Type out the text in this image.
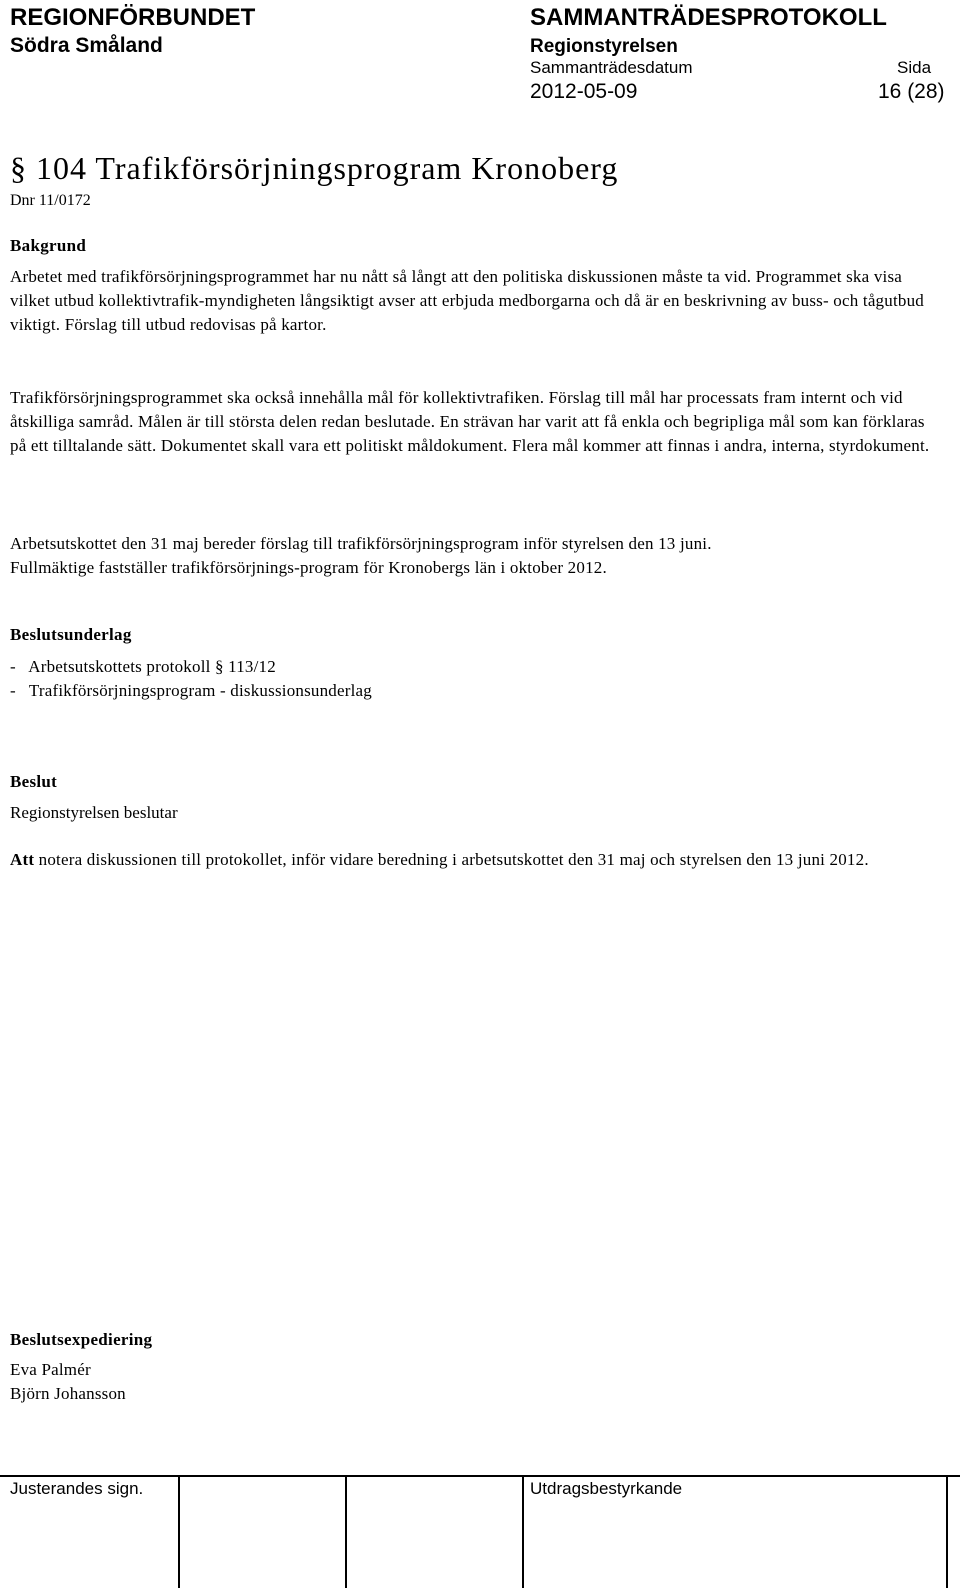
REGIONFÖRBUNDET
Södra Småland
SAMMANTRÄDESPROTOKOLL
Regionstyrelsen
Sammanträdesdatum	Sida
2012-05-09	16 (28)
§ 104 Trafikförsörjningsprogram Kronoberg
Dnr 11/0172
Bakgrund

Arbetet med trafikförsörjningsprogrammet har nu nått så långt att den politiska diskussionen måste ta vid. Programmet ska visa vilket utbud kollektivtrafik-myndigheten långsiktigt avser att erbjuda medborgarna och då är en beskrivning av buss- och tågutbud viktigt. Förslag till utbud redovisas på kartor.

Trafikförsörjningsprogrammet ska också innehålla mål för kollektivtrafiken. Förslag till mål har processats fram internt och vid åtskilliga samråd. Målen är till största delen redan beslutade. En strävan har varit att få enkla och begripliga mål som kan förklaras på ett tilltalande sätt. Dokumentet skall vara ett politiskt måldokument. Flera mål kommer att finnas i andra, interna, styrdokument.

Arbetsutskottet den 31 maj bereder förslag till trafikförsörjningsprogram inför styrelsen den 13 juni.

Fullmäktige fastställer trafikförsörjnings-program för Kronobergs län i oktober 2012.

Beslutsunderlag

-   Arbetsutskottets protokoll § 113/12

-   Trafikförsörjningsprogram - diskussionsunderlag

Beslut
Regionstyrelsen beslutar

Att notera diskussionen till protokollet, inför vidare beredning i arbetsutskottet den 31 maj och styrelsen den 13 juni 2012.

Beslutsexpediering

Eva Palmér

Björn Johansson

Justerandes sign.	Utdragsbestyrkande
